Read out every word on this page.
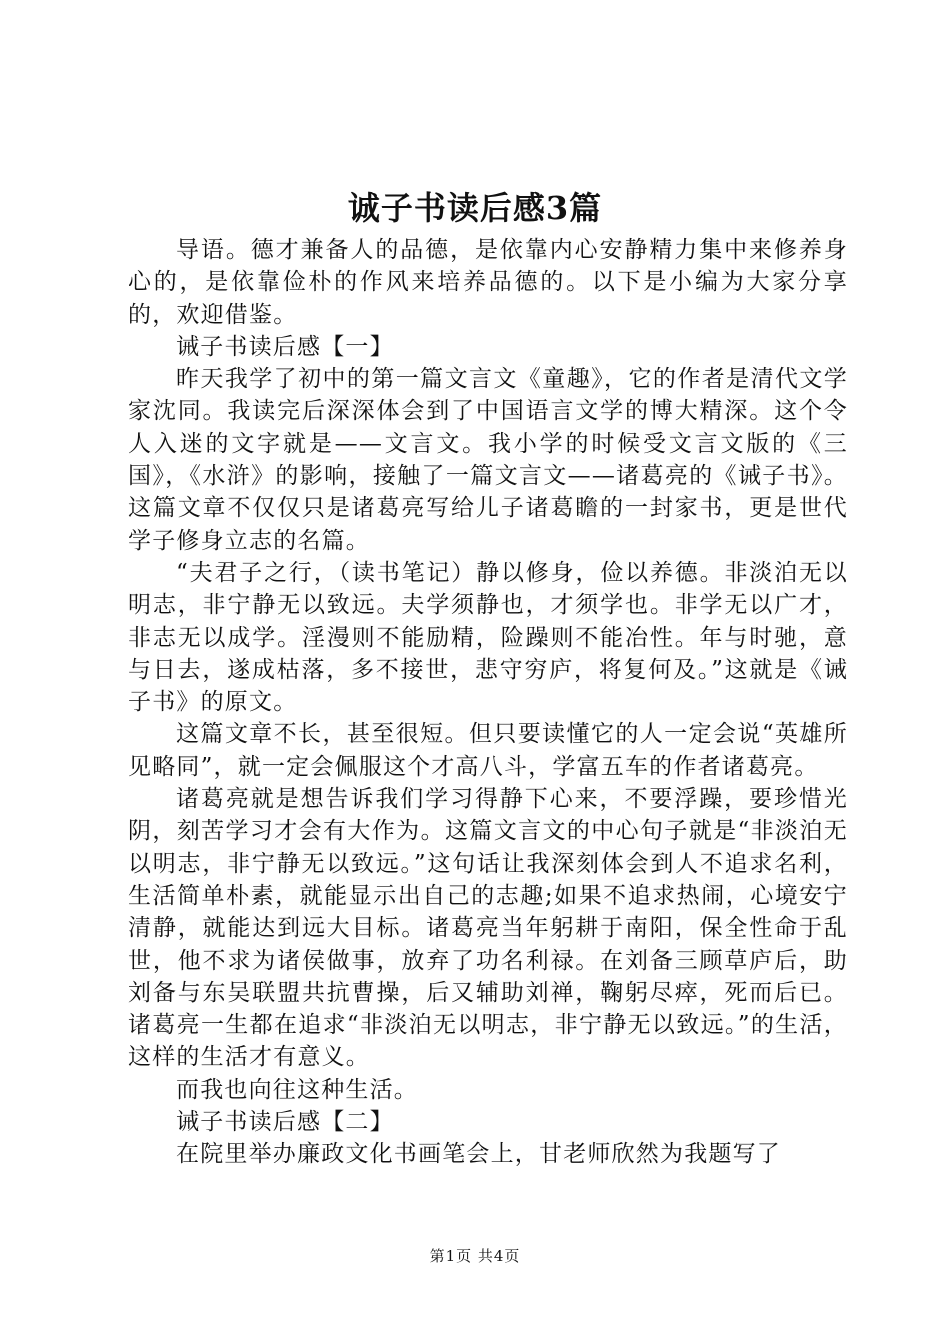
诚子书读后感3篇

导语。德才兼备人的品德，是依靠内心安静精力集中来修养身心的，是依靠俭朴的作风来培养品德的。以下是小编为大家分享的，欢迎借鉴。

诫子书读后感【一】

昨天我学了初中的第一篇文言文《童趣》，它的作者是清代文学家沈同。我读完后深深体会到了中国语言文学的博大精深。这个令人入迷的文字就是——文言文。我小学的时候受文言文版的《三国》，《水浒》的影响，接触了一篇文言文——诸葛亮的《诫子书》。这篇文章不仅仅只是诸葛亮写给儿子诸葛瞻的一封家书，更是世代学子修身立志的名篇。

“夫君子之行，（读书笔记）静以修身，俭以养德。非淡泊无以明志，非宁静无以致远。夫学须静也，才须学也。非学无以广才，非志无以成学。淫漫则不能励精，险躁则不能冶性。年与时驰，意与日去，遂成枯落，多不接世，悲守穷庐，将复何及。”这就是《诫子书》的原文。

这篇文章不长，甚至很短。但只要读懂它的人一定会说“英雄所见略同”，就一定会佩服这个才高八斗，学富五车的作者诸葛亮。

诸葛亮就是想告诉我们学习得静下心来，不要浮躁，要珍惜光阴，刻苦学习才会有大作为。这篇文言文的中心句子就是“非淡泊无以明志，非宁静无以致远。”这句话让我深刻体会到人不追求名利，生活简单朴素，就能显示出自己的志趣;如果不追求热闹，心境安宁清静，就能达到远大目标。诸葛亮当年躬耕于南阳，保全性命于乱世，他不求为诸侯做事，放弃了功名利禄。在刘备三顾草庐后，助刘备与东吴联盟共抗曹操，后又辅助刘禅，鞠躬尽瘁，死而后已。诸葛亮一生都在追求“非淡泊无以明志，非宁静无以致远。”的生活，这样的生活才有意义。

而我也向往这种生活。

诫子书读后感【二】

在院里举办廉政文化书画笔会上，甘老师欣然为我题写了

第1页 共4页
